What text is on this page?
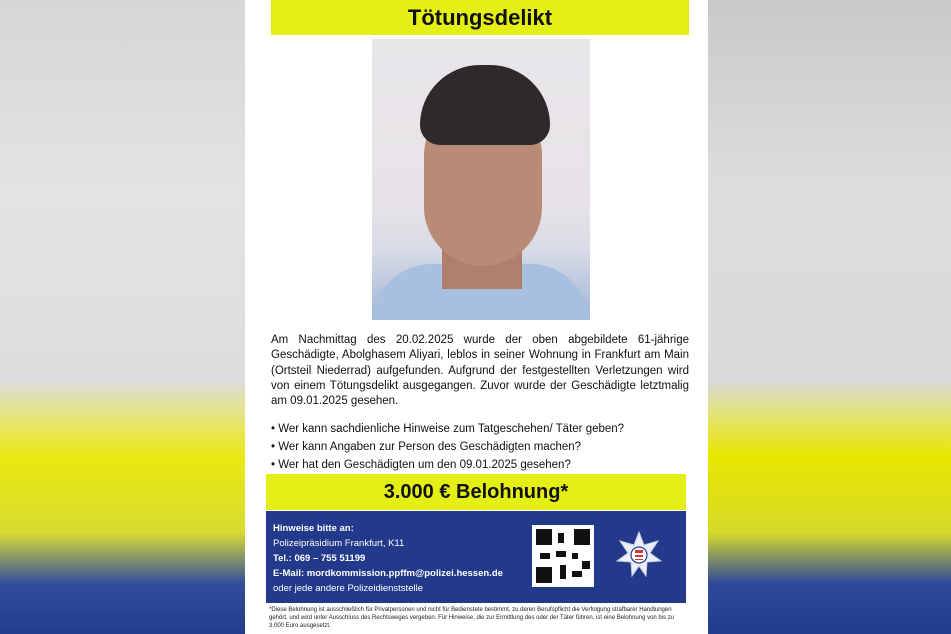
Tötungsdelikt
Am Nachmittag des 20.02.2025 wurde der oben abgebildete 61-jährige Geschädigte, Abolghasem Aliyari, leblos in seiner Wohnung in Frankfurt am Main (Ortsteil Niederrad) aufgefunden. Aufgrund der festgestellten Verletzungen wird von einem Tötungsdelikt ausgegangen. Zuvor wurde der Geschädigte letztmalig am 09.01.2025 gesehen.
• Wer kann sachdienliche Hinweise zum Tatgeschehen/ Täter geben?
• Wer kann Angaben zur Person des Geschädigten machen?
• Wer hat den Geschädigten um den 09.01.2025 gesehen?
3.000 € Belohnung*
Hinweise bitte an:
Polizeipräsidium Frankfurt, K11
Tel.: 069 – 755 51199
E-Mail: mordkommission.ppffm@polizei.hessen.de
oder jede andere Polizeidienststelle
*Diese Belohnung ist ausschließlich für Privatpersonen und nicht für Bedienstete bestimmt, zu deren Berufspflicht die Verfolgung strafbarer Handlungen gehört, und wird unter Ausschluss des Rechtsweges vergeben. Für Hinweise, die zur Ermittlung des oder der Täter führen, ist eine Belohnung von bis zu 3.000 Euro ausgesetzt.
